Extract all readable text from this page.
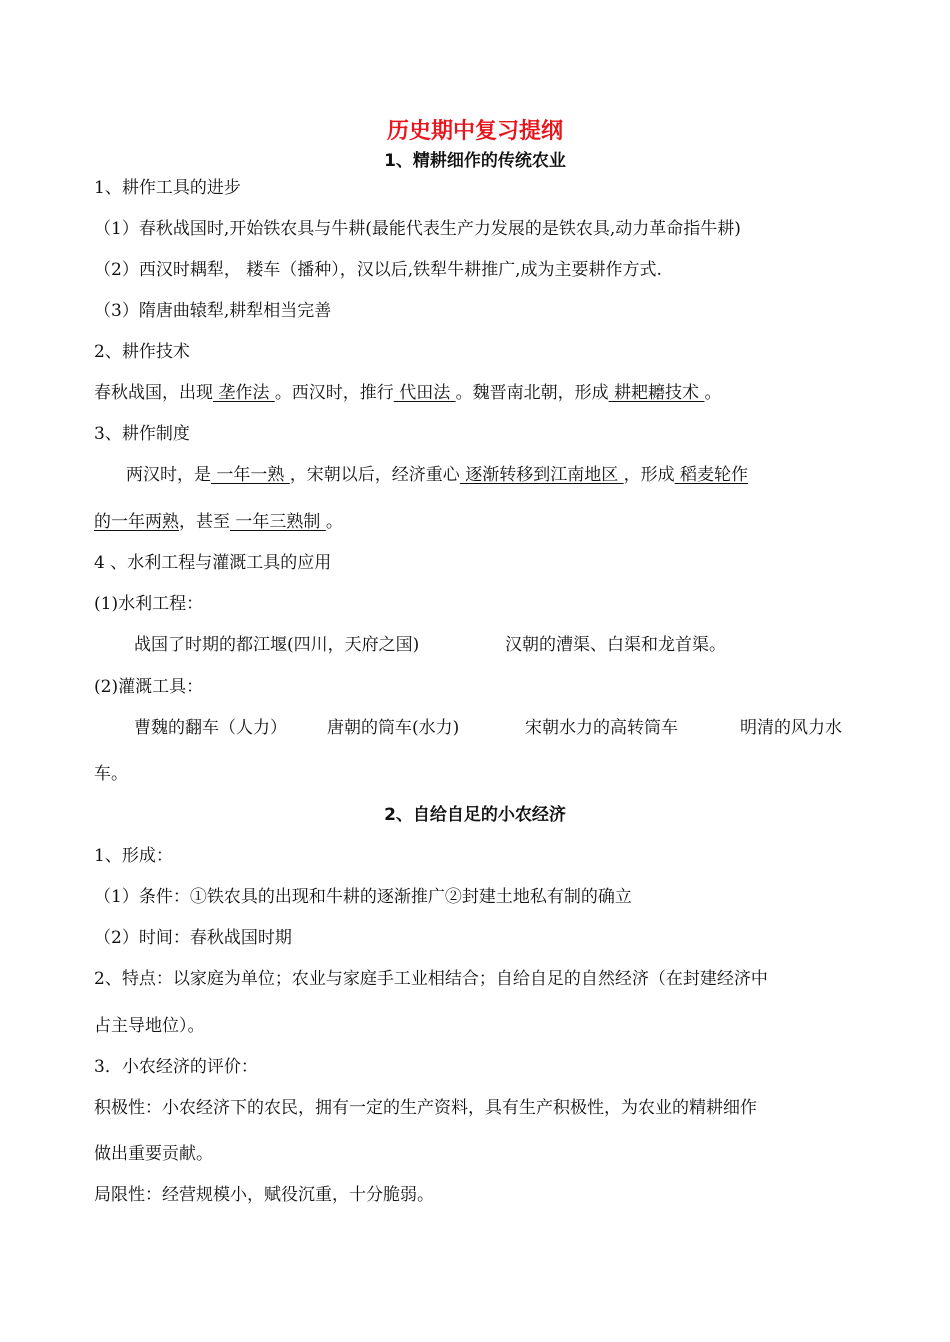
历史期中复习提纲
1、精耕细作的传统农业
1、耕作工具的进步
（1）春秋战国时,开始铁农具与牛耕(最能代表生产力发展的是铁农具,动力革命指牛耕)
（2）西汉时耦犁， 耧车（播种），汉以后,铁犁牛耕推广,成为主要耕作方式.
（3）隋唐曲辕犁,耕犁相当完善
2、耕作技术
春秋战国，出现 垄作法 。西汉时，推行 代田法 。魏晋南北朝，形成 耕耙耱技术 。
3、耕作制度
两汉时，是 一年一熟 ，宋朝以后，经济重心 逐渐转移到江南地区 ，形成 稻麦轮作
的一年两熟，甚至 一年三熟制 。
4 、水利工程与灌溉工具的应用
(1)水利工程：
战国了时期的都江堰(四川，天府之国)	汉朝的漕渠、白渠和龙首渠。
(2)灌溉工具：
曹魏的翻车（人力） 唐朝的筒车(水力)	宋朝水力的高转筒车	明清的风力水
车。
2、自给自足的小农经济
1、形成：
（1）条件：①铁农具的出现和牛耕的逐渐推广②封建土地私有制的确立
（2）时间：春秋战国时期
2、特点：以家庭为单位；农业与家庭手工业相结合；自给自足的自然经济（在封建经济中
占主导地位）。
3．小农经济的评价：
积极性：小农经济下的农民，拥有一定的生产资料，具有生产积极性，为农业的精耕细作
做出重要贡献。
局限性：经营规模小，赋役沉重，十分脆弱。
